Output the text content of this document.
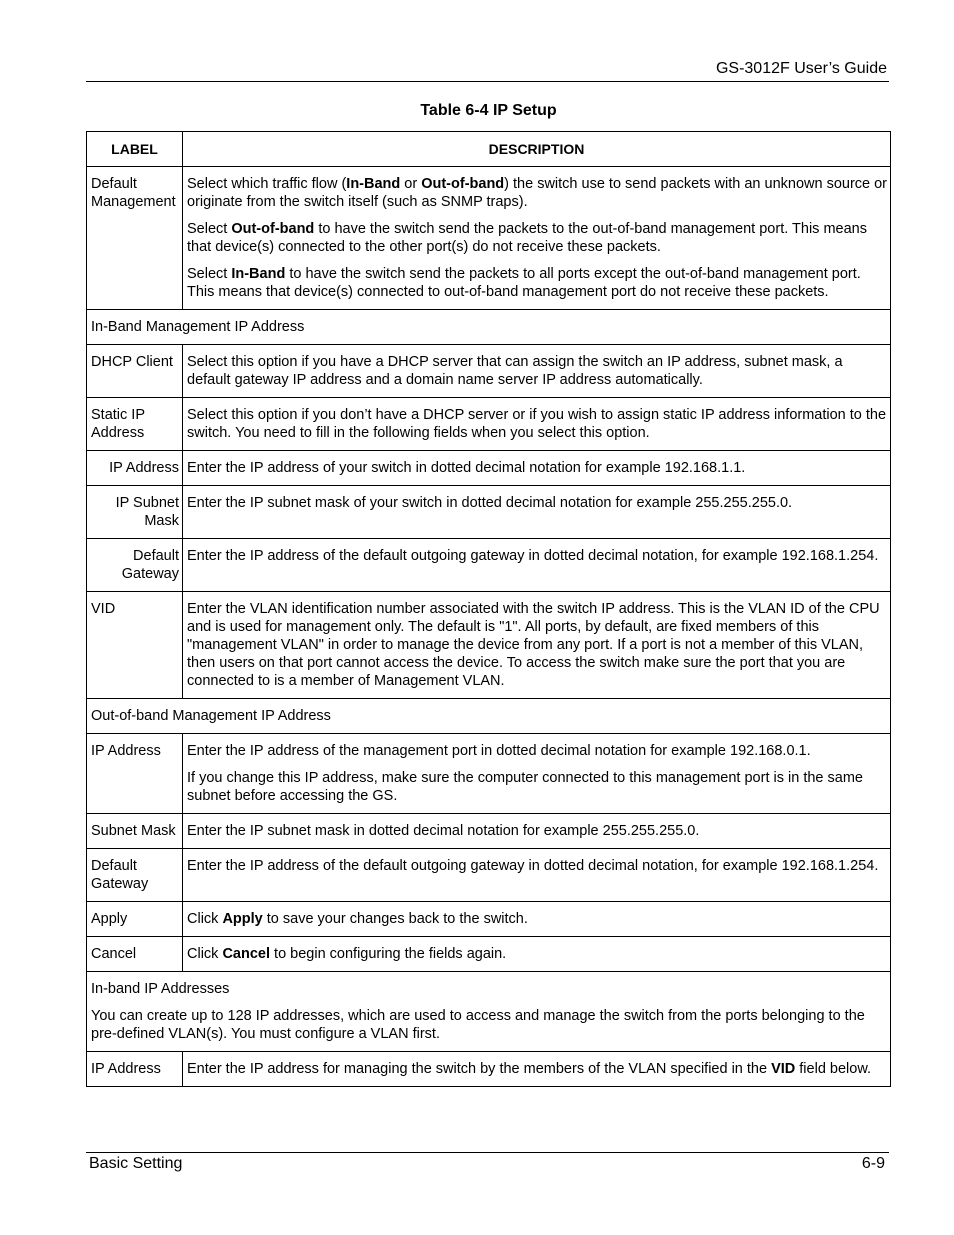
GS-3012F User’s Guide
Table 6-4 IP Setup
LABEL	DESCRIPTION
Default Management	Select which traffic flow (In-Band or Out-of-band) the switch use to send packets with an unknown source or originate from the switch itself (such as SNMP traps).

Select Out-of-band to have the switch send the packets to the out-of-band management port. This means that device(s) connected to the other port(s) do not receive these packets.

Select In-Band to have the switch send the packets to all ports except the out-of-band management port. This means that device(s) connected to out-of-band management port do not receive these packets.

In-Band Management IP Address	
DHCP Client	Select this option if you have a DHCP server that can assign the switch an IP address, subnet mask, a default gateway IP address and a domain name server IP address automatically.
Static IP Address	Select this option if you don’t have a DHCP server or if you wish to assign static IP address information to the switch. You need to fill in the following fields when you select this option.
IP Address	Enter the IP address of your switch in dotted decimal notation for example 192.168.1.1.
IP Subnet
Mask	Enter the IP subnet mask of your switch in dotted decimal notation for example 255.255.255.0.
Default
Gateway	Enter the IP address of the default outgoing gateway in dotted decimal notation, for example 192.168.1.254.
VID	Enter the VLAN identification number associated with the switch IP address. This is the VLAN ID of the CPU and is used for management only. The default is "1". All ports, by default, are fixed members of this "management VLAN" in order to manage the device from any port. If a port is not a member of this VLAN, then users on that port cannot access the device. To access the switch make sure the port that you are connected to is a member of Management VLAN.
Out-of-band Management IP Address	
IP Address	Enter the IP address of the management port in dotted decimal notation for example 192.168.0.1.

If you change this IP address, make sure the computer connected to this management port is in the same subnet before accessing the GS.

Subnet Mask	Enter the IP subnet mask in dotted decimal notation for example 255.255.255.0.
Default Gateway	Enter the IP address of the default outgoing gateway in dotted decimal notation, for example 192.168.1.254.
Apply	Click Apply to save your changes back to the switch.
Cancel	Click Cancel to begin configuring the fields again.

In-band IP Addresses

You can create up to 128 IP addresses, which are used to access and manage the switch from the ports belonging to the pre-defined VLAN(s). You must configure a VLAN first.	

IP Address	Enter the IP address for managing the switch by the members of the VLAN specified in the VID field below.
Basic Setting	6-9
